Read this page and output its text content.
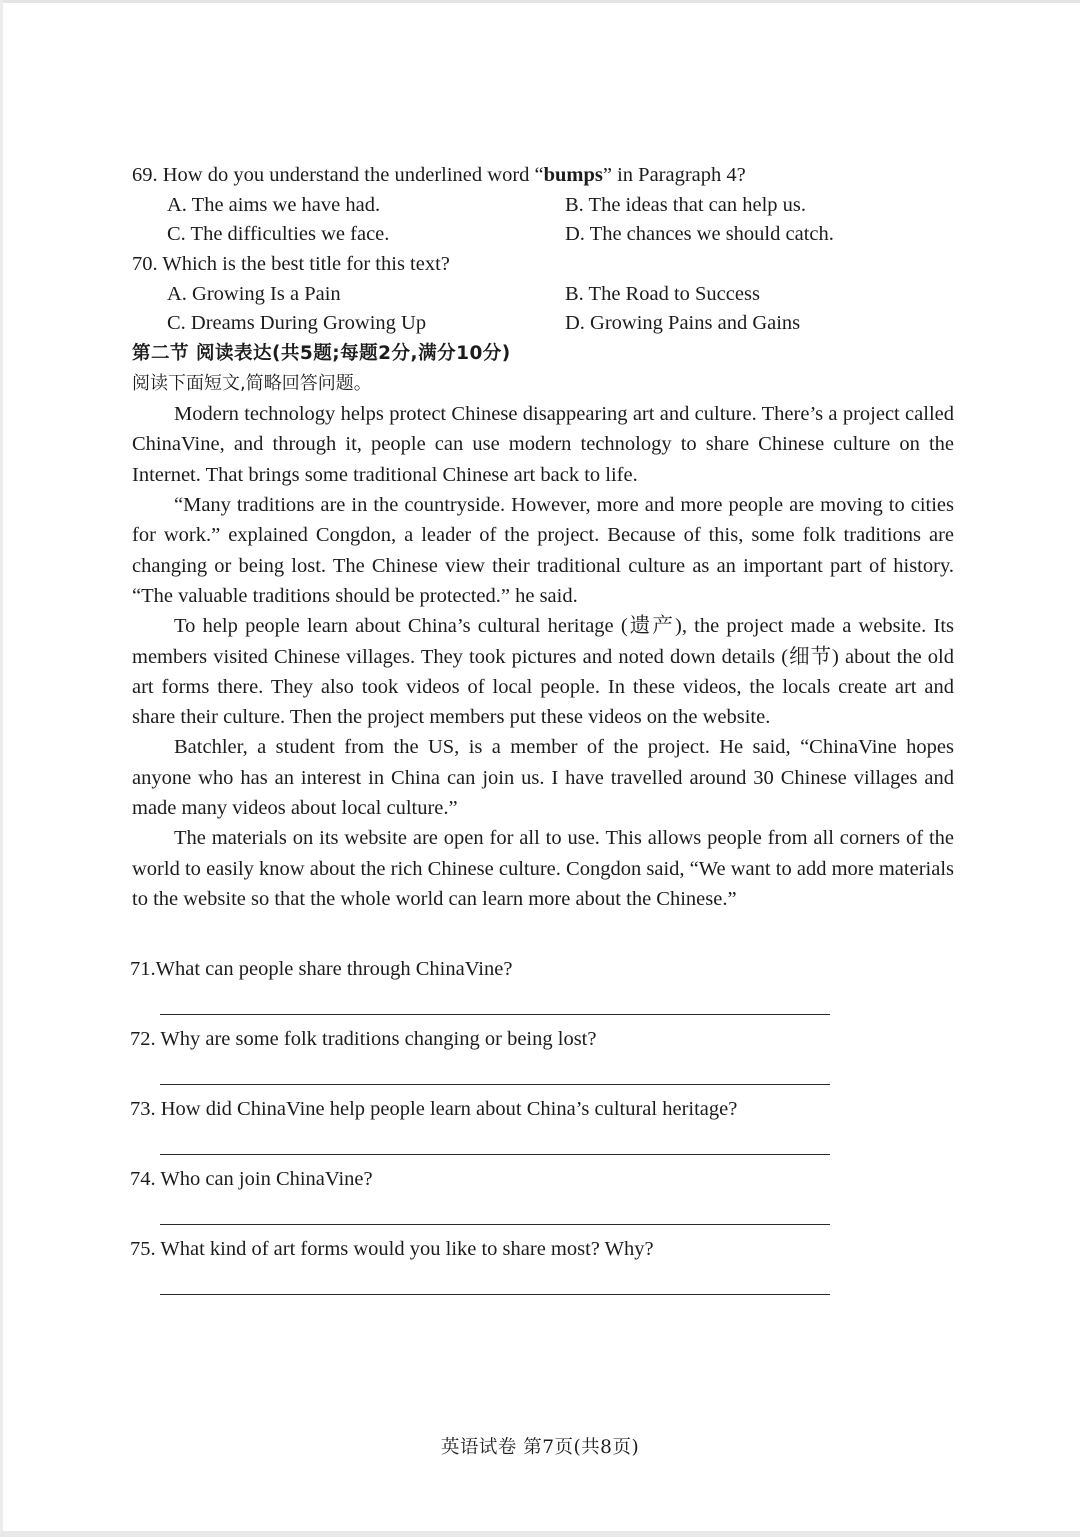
69. How do you understand the underlined word “bumps” in Paragraph 4?
A. The aims we have had.	B. The ideas that can help us.
C. The difficulties we face.	D. The chances we should catch.
70. Which is the best title for this text?
A. Growing Is a Pain	B. The Road to Success
C. Dreams During Growing Up	D. Growing Pains and Gains
第二节 阅读表达(共5题;每题2分,满分10分)
阅读下面短文,简略回答问题。

Modern technology helps protect Chinese disappearing art and culture. There’s a project called ChinaVine, and through it, people can use modern technology to share Chinese culture on the Internet. That brings some traditional Chinese art back to life.

“Many traditions are in the countryside. However, more and more people are moving to cities for work.” explained Congdon, a leader of the project. Because of this, some folk traditions are changing or being lost. The Chinese view their traditional culture as an important part of history. “The valuable traditions should be protected.” he said.

To help people learn about China’s cultural heritage (遗产), the project made a website. Its members visited Chinese villages. They took pictures and noted down details (细节) about the old art forms there. They also took videos of local people. In these videos, the locals create art and share their culture. Then the project members put these videos on the website.

Batchler, a student from the US, is a member of the project. He said, “ChinaVine hopes anyone who has an interest in China can join us. I have travelled around 30 Chinese villages and made many videos about local culture.”

The materials on its website are open for all to use. This allows people from all corners of the world to easily know about the rich Chinese culture. Congdon said, “We want to add more materials to the website so that the whole world can learn more about the Chinese.”

71.What can people share through ChinaVine?
72. Why are some folk traditions changing or being lost?
73. How did ChinaVine help people learn about China’s cultural heritage?
74. Who can join ChinaVine?
75. What kind of art forms would you like to share most? Why?
英语试卷 第7页(共8页)
